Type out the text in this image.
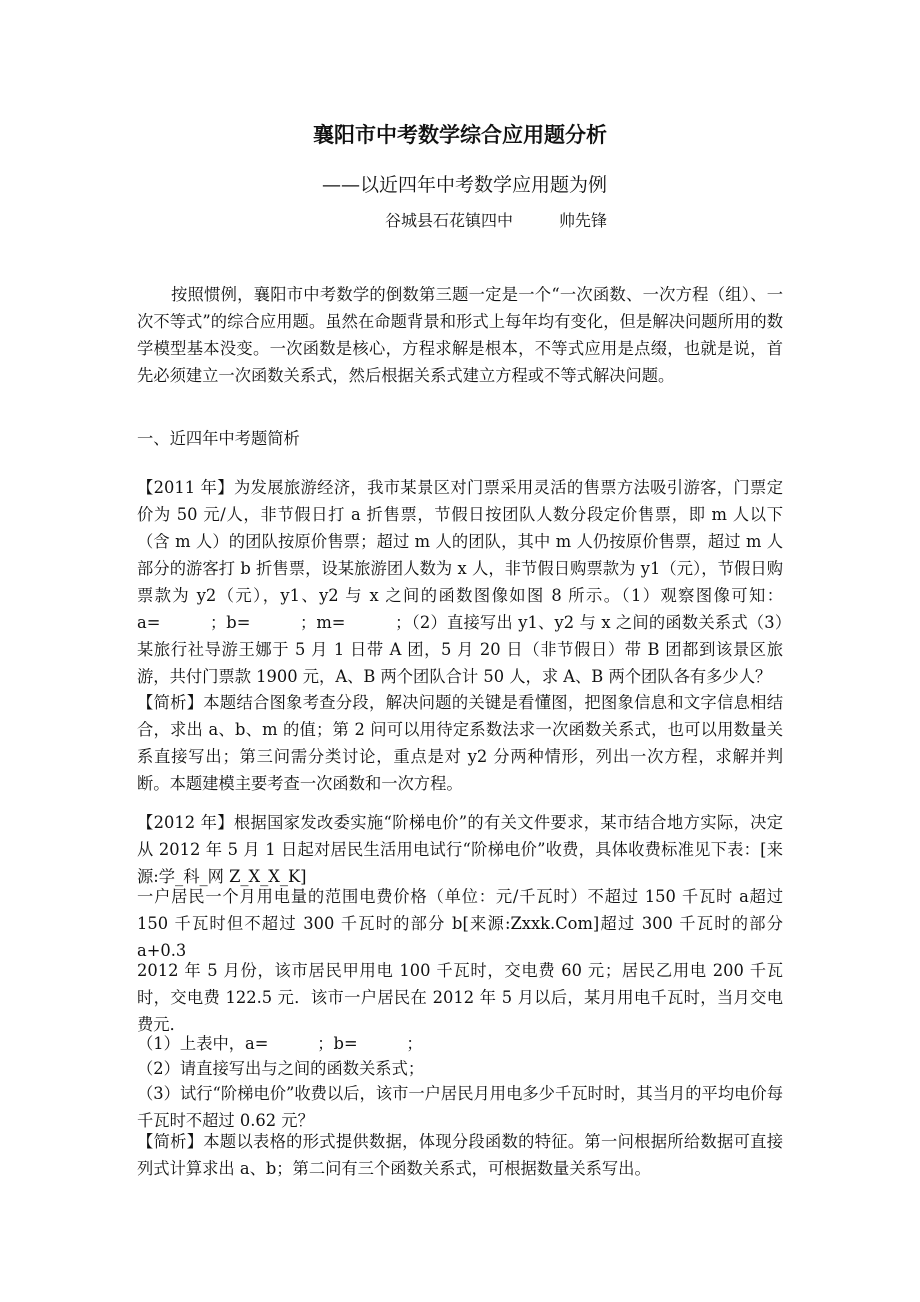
襄阳市中考数学综合应用题分析
——以近四年中考数学应用题为例
谷城县石花镇四中	帅先锋

按照惯例，襄阳市中考数学的倒数第三题一定是一个“一次函数、一次方程（组）、一次不等式”的综合应用题。虽然在命题背景和形式上每年均有变化，但是解决问题所用的数学模型基本没变。一次函数是核心，方程求解是根本，不等式应用是点缀，也就是说，首先必须建立一次函数关系式，然后根据关系式建立方程或不等式解决问题。

一、近四年中考题简析

【2011 年】为发展旅游经济，我市某景区对门票采用灵活的售票方法吸引游客，门票定价为 50 元/人，非节假日打 a 折售票，节假日按团队人数分段定价售票，即 m 人以下（含 m 人）的团队按原价售票；超过 m 人的团队，其中 m 人仍按原价售票，超过 m 人部分的游客打 b 折售票，设某旅游团人数为 x 人，非节假日购票款为 y1（元），节假日购票款为 y2（元），y1、y2 与 x 之间的函数图像如图 8 所示。（1）观察图像可知：a=　　　；b=　　　；m=　　　；（2）直接写出 y1、y2 与 x 之间的函数关系式（3）某旅行社导游王娜于 5 月 1 日带 A 团，5 月 20 日（非节假日）带 B 团都到该景区旅游，共付门票款 1900 元，A、B 两个团队合计 50 人，求 A、B 两个团队各有多少人？

【简析】本题结合图象考查分段，解决问题的关键是看懂图，把图象信息和文字信息相结合，求出 a、b、m 的值；第 2 问可以用待定系数法求一次函数关系式，也可以用数量关系直接写出；第三问需分类讨论，重点是对 y2 分两种情形，列出一次方程，求解并判断。本题建模主要考查一次函数和一次方程。

【2012 年】根据国家发改委实施“阶梯电价”的有关文件要求，某市结合地方实际，决定从 2012 年 5 月 1 日起对居民生活用电试行“阶梯电价”收费，具体收费标准见下表：[来源:学_科_网 Z_X_X_K]

一户居民一个月用电量的范围电费价格（单位：元/千瓦时）不超过 150 千瓦时 a超过 150 千瓦时但不超过 300 千瓦时的部分 b[来源:Zxxk.Com]超过 300 千瓦时的部分 a+0.3

2012 年 5 月份，该市居民甲用电 100 千瓦时，交电费 60 元；居民乙用电 200 千瓦时，交电费 122.5 元．该市一户居民在 2012 年 5 月以后，某月用电千瓦时，当月交电费元．

（1）上表中，a=　　　；b=　　　；

（2）请直接写出与之间的函数关系式；

（3）试行“阶梯电价”收费以后，该市一户居民月用电多少千瓦时时，其当月的平均电价每千瓦时不超过 0.62 元？

【简析】本题以表格的形式提供数据，体现分段函数的特征。第一问根据所给数据可直接列式计算求出 a、b；第二问有三个函数关系式，可根据数量关系写出。
